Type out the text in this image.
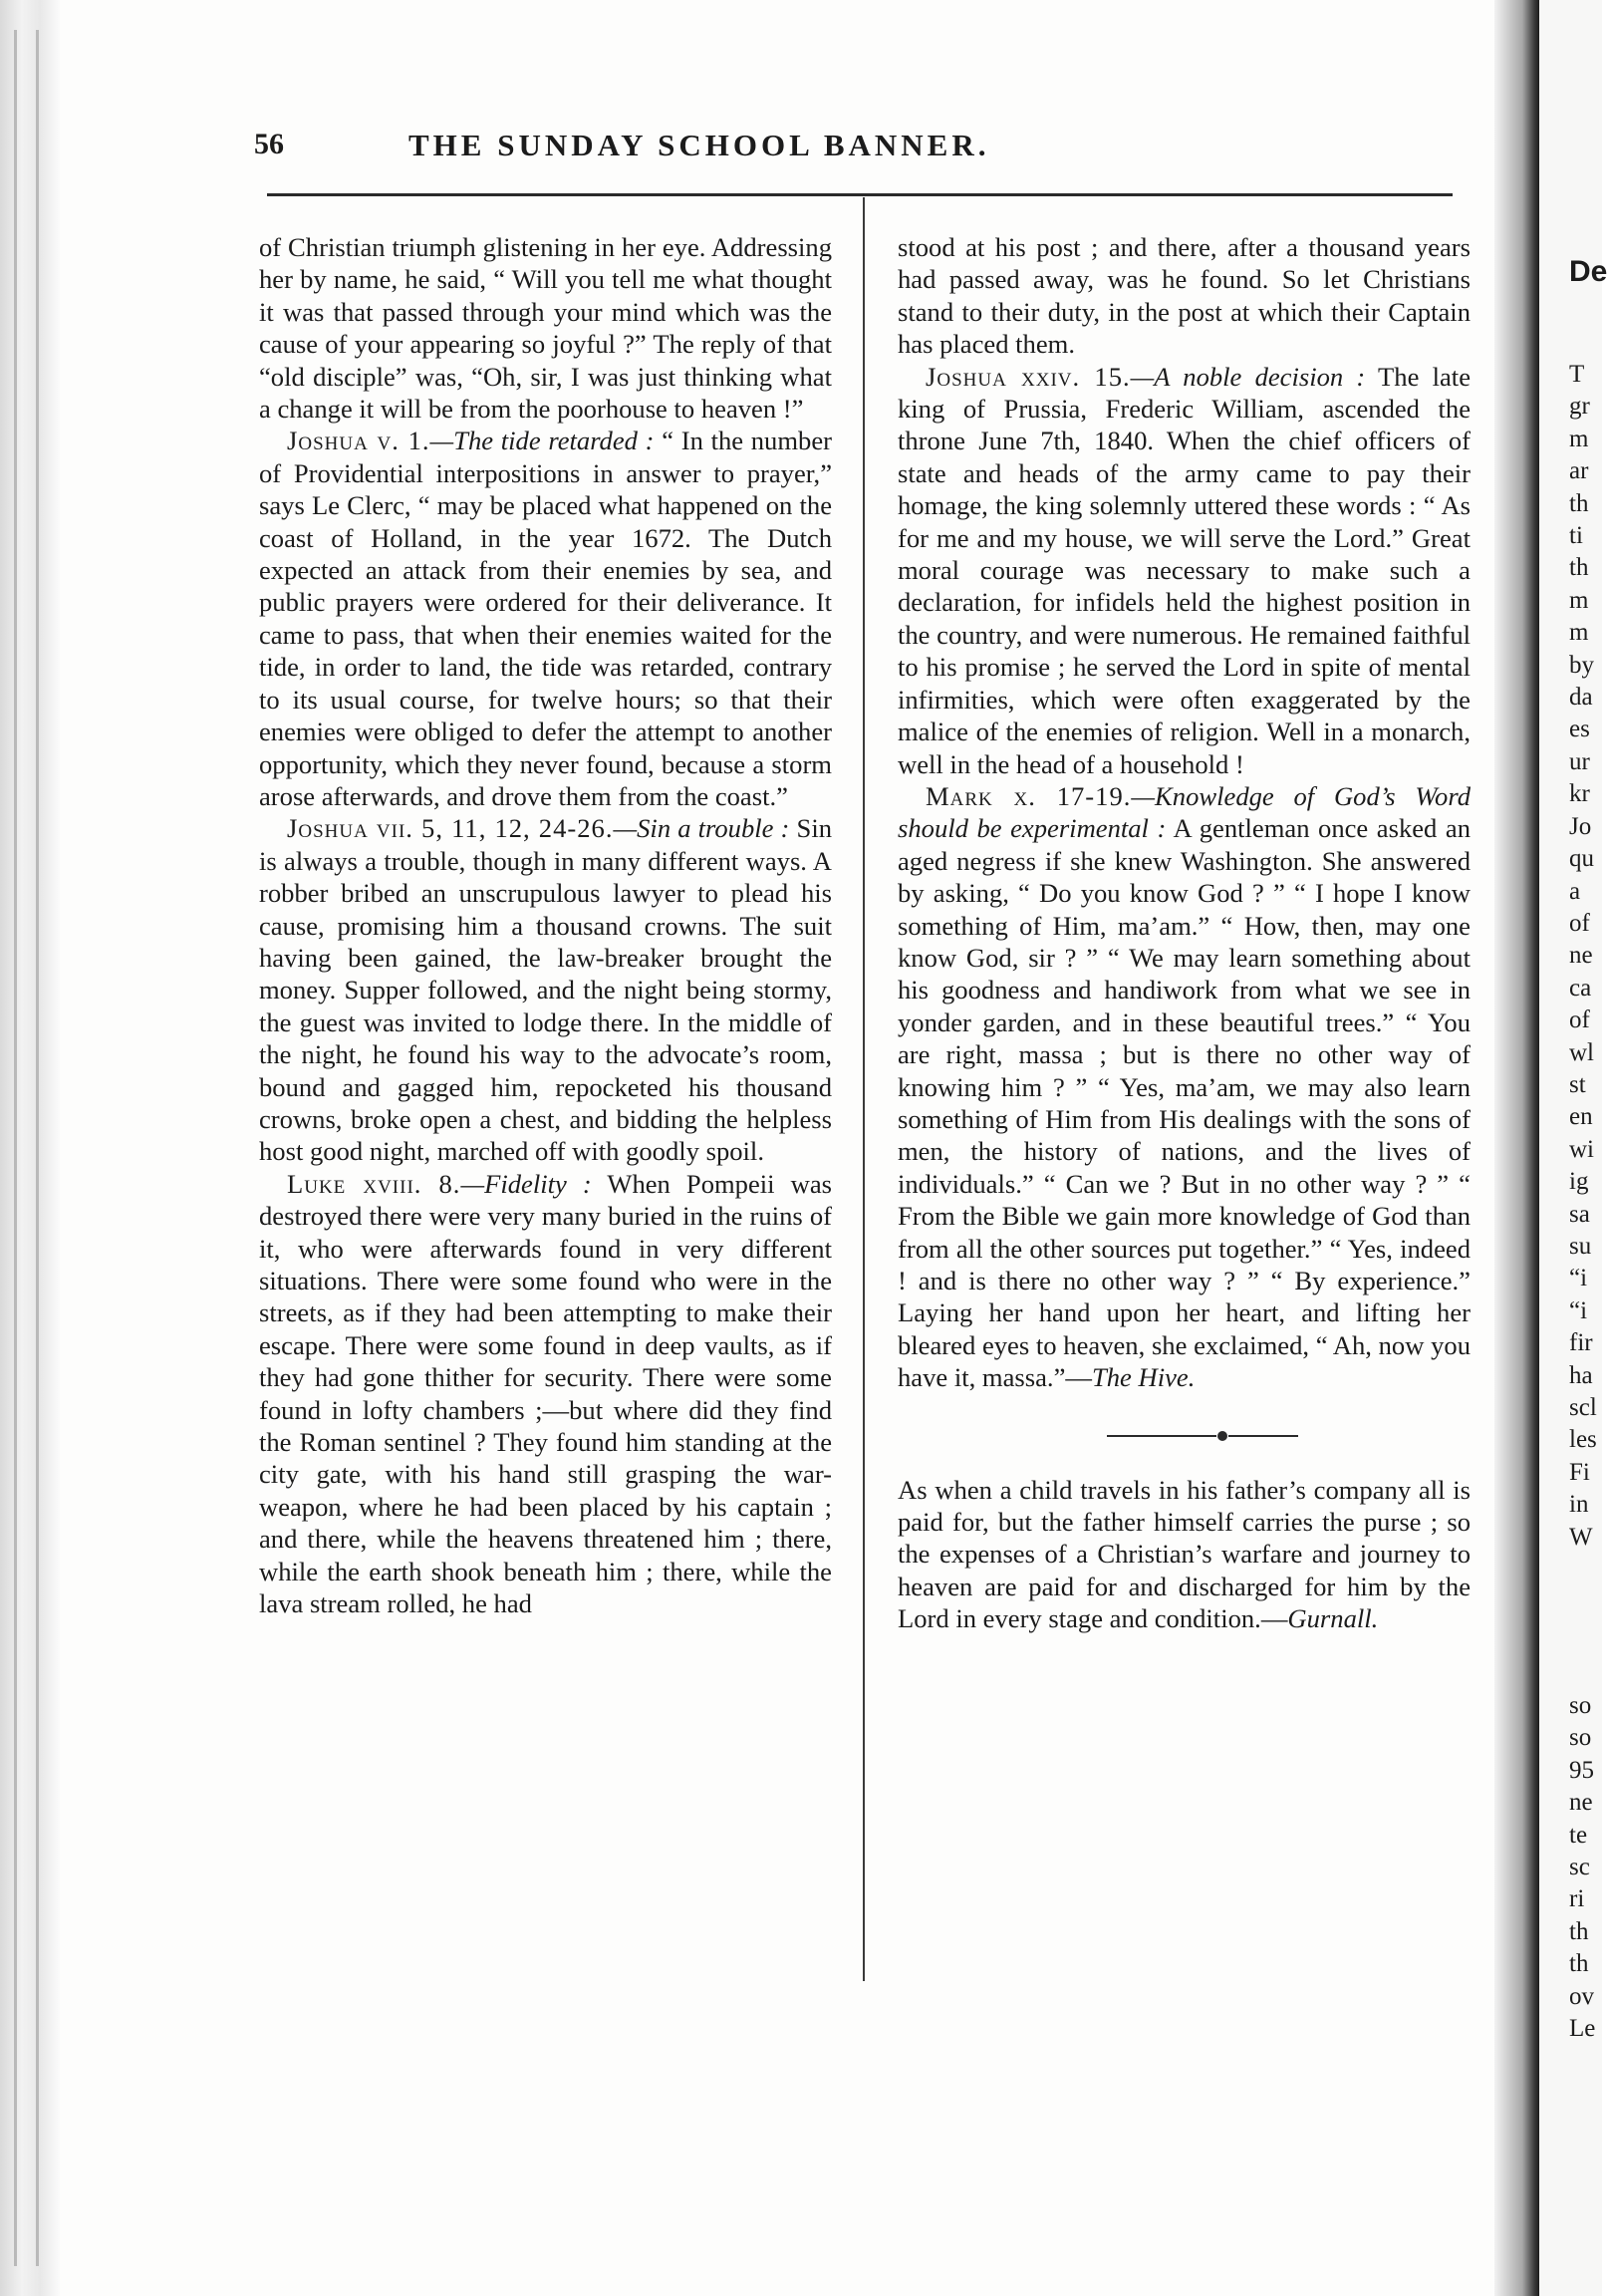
56	THE SUNDAY SCHOOL BANNER.

of Christian triumph glistening in her eye. Addressing her by name, he said, “ Will you tell me what thought it was that passed through your mind which was the cause of your appearing so joyful ?” The reply of that “old disciple” was, “Oh, sir, I was just thinking what a change it will be from the poorhouse to heaven !”

Joshua v. 1.—The tide retarded : “ In the number of Providential interpositions in answer to prayer,” says Le Clerc, “ may be placed what happened on the coast of Holland, in the year 1672. The Dutch expected an attack from their enemies by sea, and public prayers were ordered for their deliverance. It came to pass, that when their enemies waited for the tide, in order to land, the tide was retarded, contrary to its usual course, for twelve hours; so that their enemies were obliged to defer the attempt to another opportunity, which they never found, because a storm arose afterwards, and drove them from the coast.”

Joshua vii. 5, 11, 12, 24-26.—Sin a trouble : Sin is always a trouble, though in many different ways. A robber bribed an unscrupulous lawyer to plead his cause, promising him a thousand crowns. The suit having been gained, the law-breaker brought the money. Supper followed, and the night being stormy, the guest was invited to lodge there. In the middle of the night, he found his way to the advocate’s room, bound and gagged him, repocketed his thousand crowns, broke open a chest, and bidding the helpless host good night, marched off with goodly spoil.

Luke xviii. 8.—Fidelity : When Pompeii was destroyed there were very many buried in the ruins of it, who were afterwards found in very different situations. There were some found who were in the streets, as if they had been attempting to make their escape. There were some found in deep vaults, as if they had gone thither for security. There were some found in lofty chambers ;—but where did they find the Roman sentinel ? They found him standing at the city gate, with his hand still grasping the war-weapon, where he had been placed by his captain ; and there, while the heavens threatened him ; there, while the earth shook beneath him ; there, while the lava stream rolled, he had

stood at his post ; and there, after a thousand years had passed away, was he found. So let Christians stand to their duty, in the post at which their Captain has placed them.

Joshua xxiv. 15.—A noble decision : The late king of Prussia, Frederic William, ascended the throne June 7th, 1840. When the chief officers of state and heads of the army came to pay their homage, the king solemnly uttered these words : “ As for me and my house, we will serve the Lord.” Great moral courage was necessary to make such a declaration, for infidels held the highest position in the country, and were numerous. He remained faithful to his promise ; he served the Lord in spite of mental infirmities, which were often exaggerated by the malice of the enemies of religion. Well in a monarch, well in the head of a household !

Mark x. 17-19.—Knowledge of God’s Word should be experimental : A gentleman once asked an aged negress if she knew Washington. She answered by asking, “ Do you know God ? ” “ I hope I know something of Him, ma’am.” “ How, then, may one know God, sir ? ” “ We may learn something about his goodness and handiwork from what we see in yonder garden, and in these beautiful trees.” “ You are right, massa ; but is there no other way of knowing him ? ” “ Yes, ma’am, we may also learn something of Him from His dealings with the sons of men, the history of nations, and the lives of individuals.” “ Can we ? But in no other way ? ” “ From the Bible we gain more knowledge of God than from all the other sources put together.” “ Yes, indeed ! and is there no other way ? ” “ By experience.” Laying her hand upon her heart, and lifting her bleared eyes to heaven, she exclaimed, “ Ah, now you have it, massa.”—The Hive.

As when a child travels in his father’s company all is paid for, but the father himself carries the purse ; so the expenses of a Christian’s warfare and journey to heaven are paid for and discharged for him by the Lord in every stage and condition.—Gurnall.

De
T
gr
m
ar
th
ti
th
m
m
by
da
es
ur
kr
Jo
qu
a
of
ne
ca
of
wl
st
en
wi
ig
sa
su
“i
“i
fir
ha
scl
les
Fi
in
W
so
so
95
ne
te
sc
ri
th
th
ov
Le
